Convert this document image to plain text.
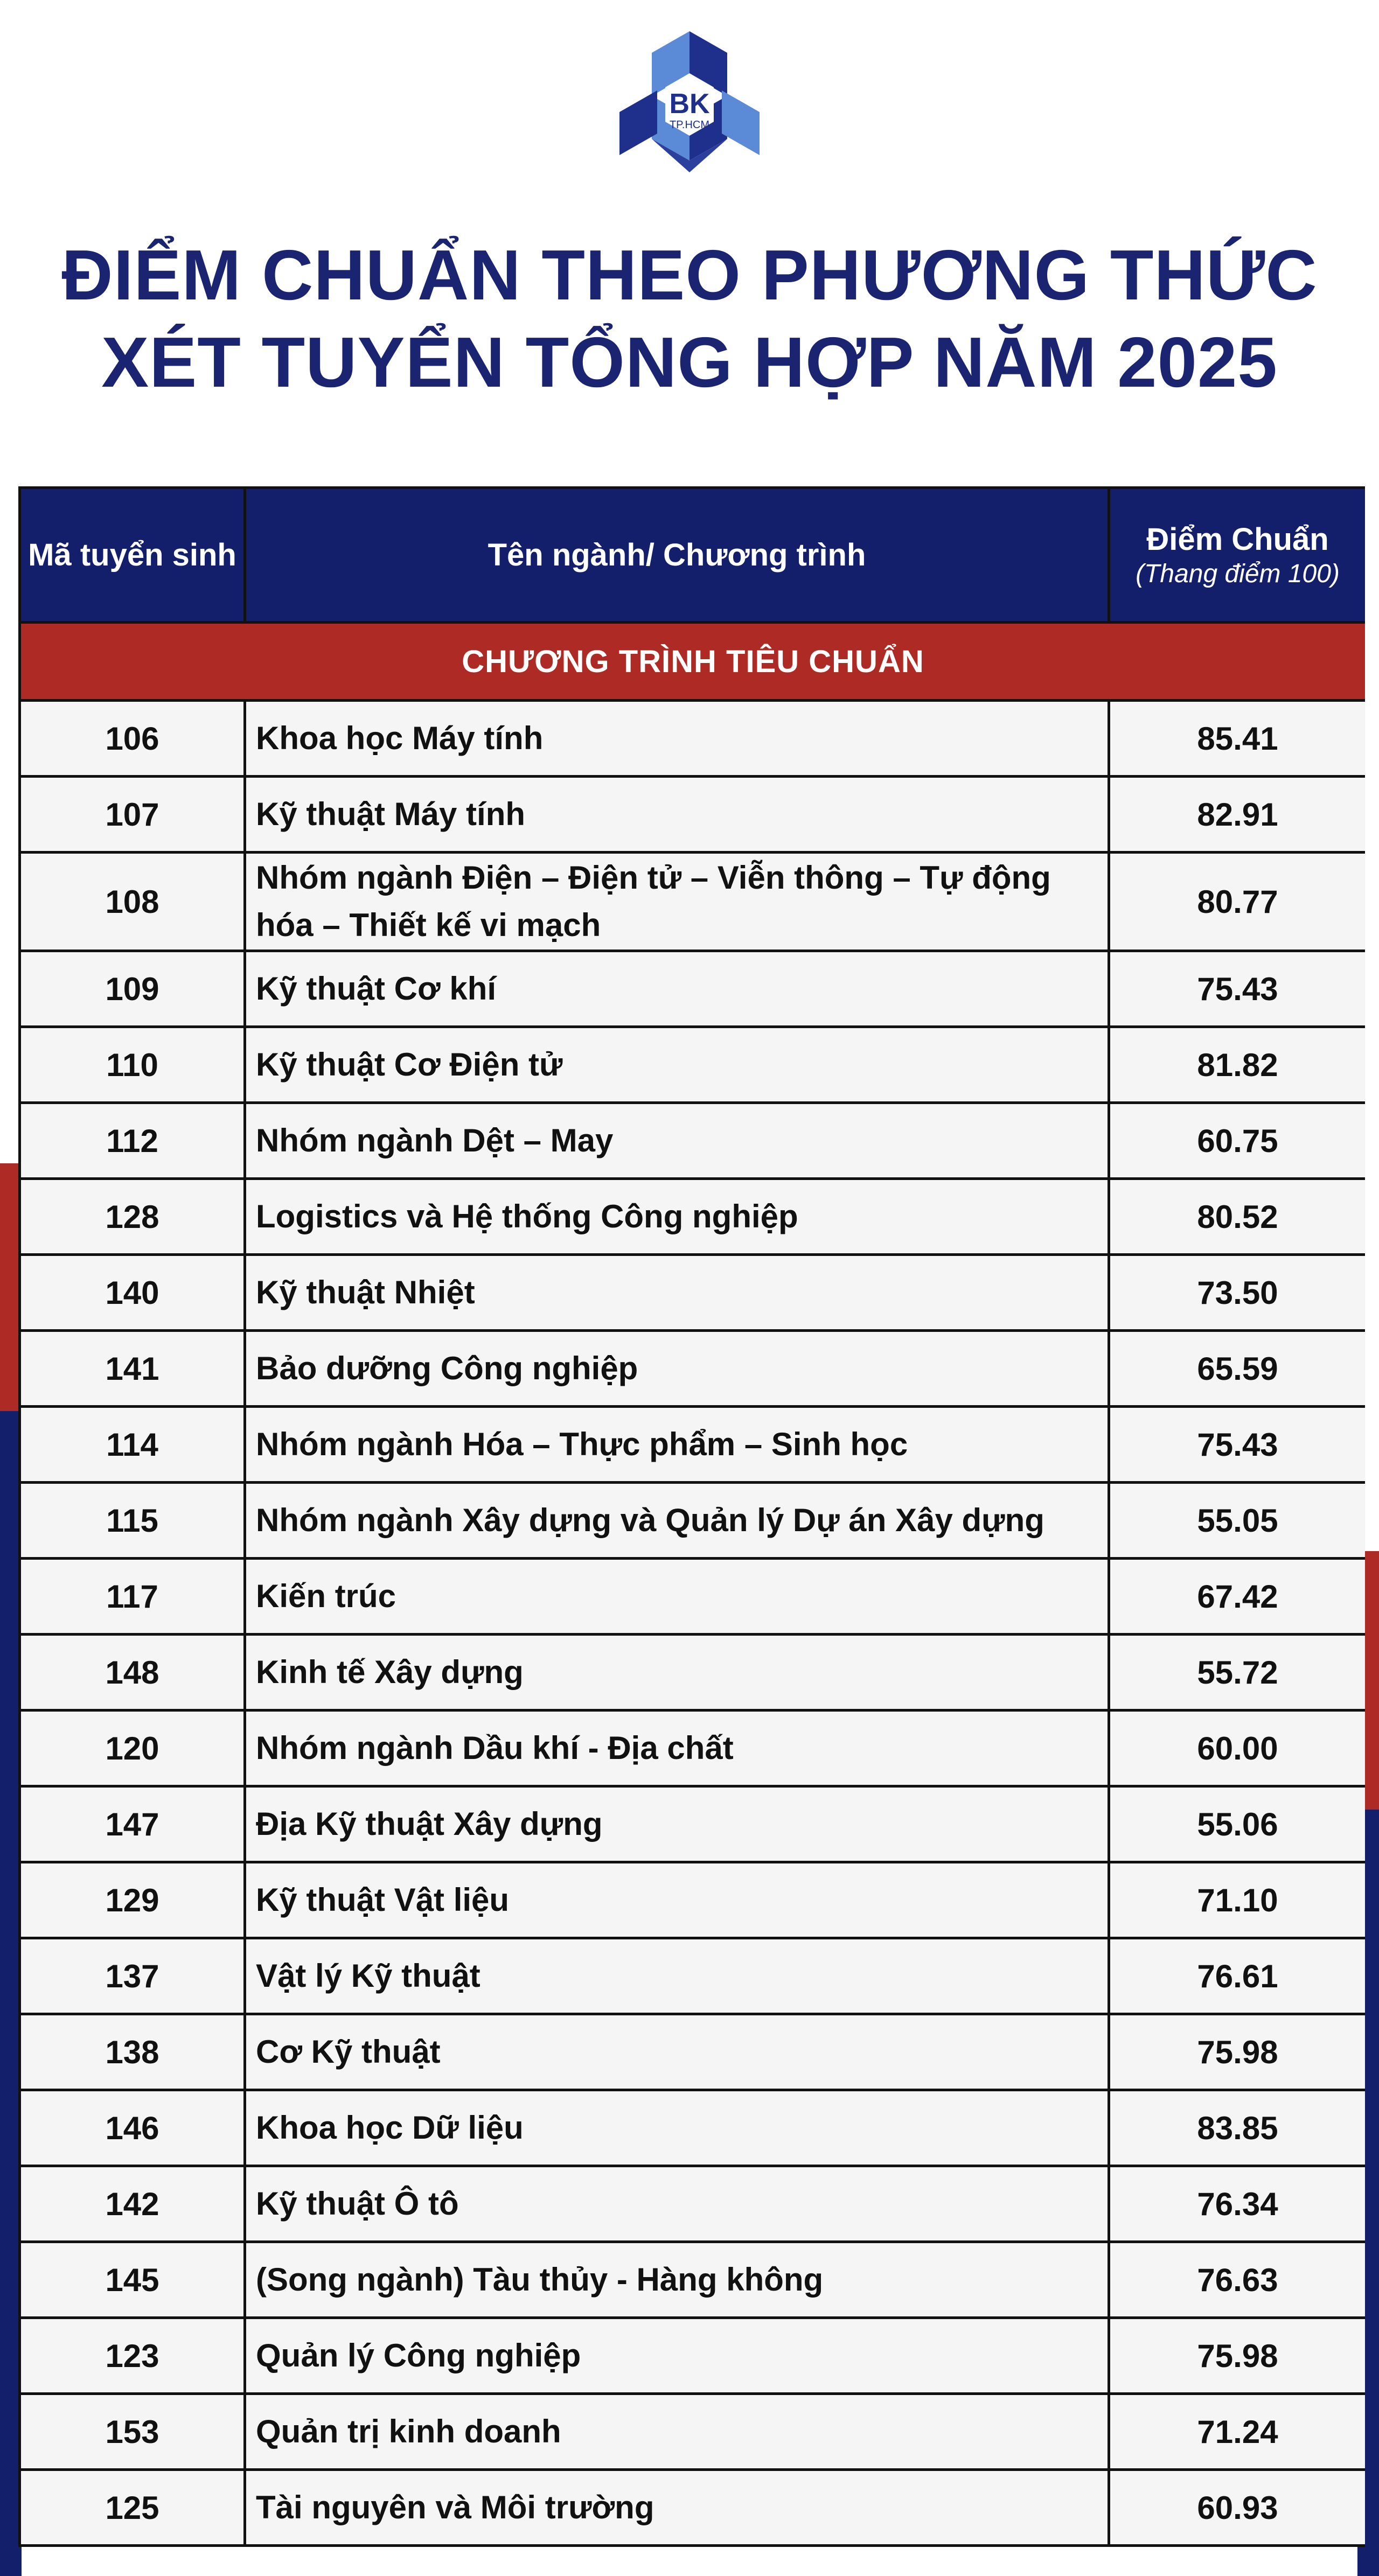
BK
TP.HCM
ĐIỂM CHUẨN THEO PHƯƠNG THỨC
XÉT TUYỂN TỔNG HỢP NĂM 2025
Mã tuyển sinh	Tên ngành/ Chương trình	Điểm Chuẩn
(Thang điểm 100)

CHƯƠNG TRÌNH TIÊU CHUẨN		
106	Khoa học Máy tính	85.41
107	Kỹ thuật Máy tính	82.91
108	Nhóm ngành Điện – Điện tử – Viễn thông – Tự động hóa – Thiết kế vi mạch	80.77
109	Kỹ thuật Cơ khí	75.43
110	Kỹ thuật Cơ Điện tử	81.82
112	Nhóm ngành Dệt – May	60.75
128	Logistics và Hệ thống Công nghiệp	80.52
140	Kỹ thuật Nhiệt	73.50
141	Bảo dưỡng Công nghiệp	65.59
114	Nhóm ngành Hóa – Thực phẩm – Sinh học	75.43
115	Nhóm ngành Xây dựng và Quản lý Dự án Xây dựng	55.05
117	Kiến trúc	67.42
148	Kinh tế Xây dựng	55.72
120	Nhóm ngành Dầu khí - Địa chất	60.00
147	Địa Kỹ thuật Xây dựng	55.06
129	Kỹ thuật Vật liệu	71.10
137	Vật lý Kỹ thuật	76.61
138	Cơ Kỹ thuật	75.98
146	Khoa học Dữ liệu	83.85
142	Kỹ thuật Ô tô	76.34
145	(Song ngành) Tàu thủy - Hàng không	76.63
123	Quản lý Công nghiệp	75.98
153	Quản trị kinh doanh	71.24
125	Tài nguyên và Môi trường	60.93
